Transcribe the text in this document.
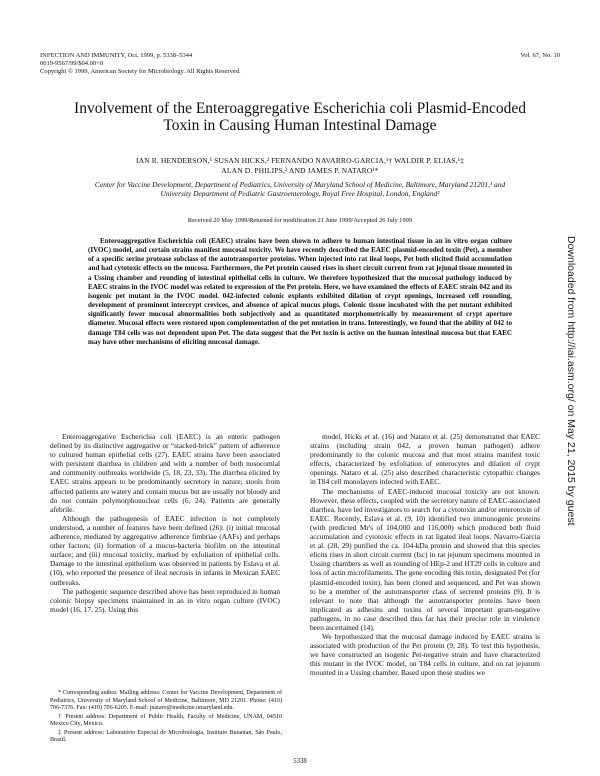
INFECTION AND IMMUNITY, Oct. 1999, p. 5338–5344
0019-9567/99/$04.00+0
Copyright © 1999, American Society for Microbiology. All Rights Reserved.
Vol. 67, No. 10
Involvement of the Enteroaggregative Escherichia coli Plasmid-Encoded Toxin in Causing Human Intestinal Damage
IAN R. HENDERSON,¹ SUSAN HICKS,² FERNANDO NAVARRO-GARCIA,¹† WALDIR P. ELIAS,¹‡
ALAN D. PHILIPS,² AND JAMES P. NATARO¹*
Center for Vaccine Development, Department of Pediatrics, University of Maryland School of Medicine, Baltimore, Maryland 21201,¹ and University Department of Pediatric Gastroenterology, Royal Free Hospital, London, England²
Received 20 May 1999/Returned for modification 21 June 1999/Accepted 26 July 1999
Enteroaggregative Escherichia coli (EAEC) strains have been shown to adhere to human intestinal tissue in an in vitro organ culture (IVOC) model, and certain strains manifest mucosal toxicity. We have recently described the EAEC plasmid-encoded toxin (Pet), a member of a specific serine protease subclass of the autotransporter proteins. When injected into rat ileal loops, Pet both elicited fluid accumulation and had cytotoxic effects on the mucosa. Furthermore, the Pet protein caused rises in short circuit current from rat jejunal tissue mounted in a Ussing chamber and rounding of intestinal epithelial cells in culture. We therefore hypothesized that the mucosal pathology induced by EAEC strains in the IVOC model was related to expression of the Pet protein. Here, we have examined the effects of EAEC strain 042 and its isogenic pet mutant in the IVOC model. 042-infected colonic explants exhibited dilation of crypt openings, increased cell rounding, development of prominent intercrypt crevices, and absence of apical mucus plugs. Colonic tissue incubated with the pet mutant exhibited significantly fewer mucosal abnormalities both subjectively and as quantitated morphometrically by measurement of crypt aperture diameter. Mucosal effects were restored upon complementation of the pet mutation in trans. Interestingly, we found that the ability of 042 to damage T84 cells was not dependent upon Pet. The data suggest that the Pet toxin is active on the human intestinal mucosa but that EAEC may have other mechanisms of eliciting mucosal damage.

Enteroaggregative Escherichia coli (EAEC) is an enteric pathogen defined by its distinctive aggregative or “stacked-brick” pattern of adherence to cultured human epithelial cells (27). EAEC strains have been associated with persistent diarrhea in children and with a number of both nosocomial and community outbreaks worldwide (5, 18, 23, 33). The diarrhea elicited by EAEC strains appears to be predominantly secretory in nature; stools from affected patients are watery and contain mucus but are usually not bloody and do not contain polymorphonuclear cells (6, 24). Patients are generally afebrile.

Although the pathogenesis of EAEC infection is not completely understood, a number of features have been defined (26): (i) initial mucosal adherence, mediated by aggregative adherence fimbriae (AAFs) and perhaps other factors; (ii) formation of a mucus-bacteria biofilm on the intestinal surface; and (iii) mucosal toxicity, marked by exfoliation of epithelial cells. Damage to the intestinal epithelium was observed in patients by Eslava et al. (10), who reported the presence of ileal necrosis in infants in Mexican EAEC outbreaks.

The pathogenic sequence described above has been reproduced in human colonic biopsy specimens maintained in an in vitro organ culture (IVOC) model (16, 17, 25). Using this

model, Hicks et al. (16) and Nataro et al. (25) demonstrated that EAEC strains (including strain 042, a proven human pathogen) adhere predominantly to the colonic mucosa and that most strains manifest toxic effects, characterized by exfoliation of enterocytes and dilation of crypt openings. Nataro et al. (25) also described characteristic cytopathic changes in T84 cell monolayers infected with EAEC.

The mechanisms of EAEC-induced mucosal toxicity are not known. However, these effects, coupled with the secretory nature of EAEC-associated diarrhea, have led investigators to search for a cytotoxin and/or enterotoxin of EAEC. Recently, Eslava et al. (9, 10) identified two immunogenic proteins (with predicted Mr's of 104,000 and 116,000) which produced both fluid accumulation and cytotoxic effects in rat ligated ileal loops. Navarro-Garcia et al. (28, 29) purified the ca. 104-kDa protein and showed that this species elicits rises in short circuit current (Isc) in rat jejunum specimens mounted in Ussing chambers as well as rounding of HEp-2 and HT29 cells in culture and loss of actin microfilaments. The gene encoding this toxin, designated Pet (for plasmid-encoded toxin), has been cloned and sequenced, and Pet was shown to be a member of the autotransporter class of secreted proteins (9). It is relevant to note that although the autotransporter proteins have been implicated as adhesins and toxins of several important gram-negative pathogens, in no case described thus far has their precise role in virulence been ascertained (14).

We hypothesized that the mucosal damage induced by EAEC strains is associated with production of the Pet protein (9, 28). To test this hypothesis, we have constructed an isogenic Pet-negative strain and have characterized this mutant in the IVOC model, on T84 cells in culture, and on rat jejunum mounted in a Ussing chamber. Based upon these studies we

* Corresponding author. Mailing address: Center for Vaccine Development, Department of Pediatrics, University of Maryland School of Medicine, Baltimore, MD 21201. Phone: (410) 706-7376. Fax: (410) 706-6205. E-mail: jnataro@medicine.umaryland.edu.

† Present address: Department of Public Health, Faculty of Medicine, UNAM, 04510 Mexico City, Mexico.

‡ Present address: Laboratório Especial de Microbiologia, Instituto Butantan, São Paulo, Brazil.

Downloaded from http://iai.asm.org/ on May 21, 2015 by guest
5338
